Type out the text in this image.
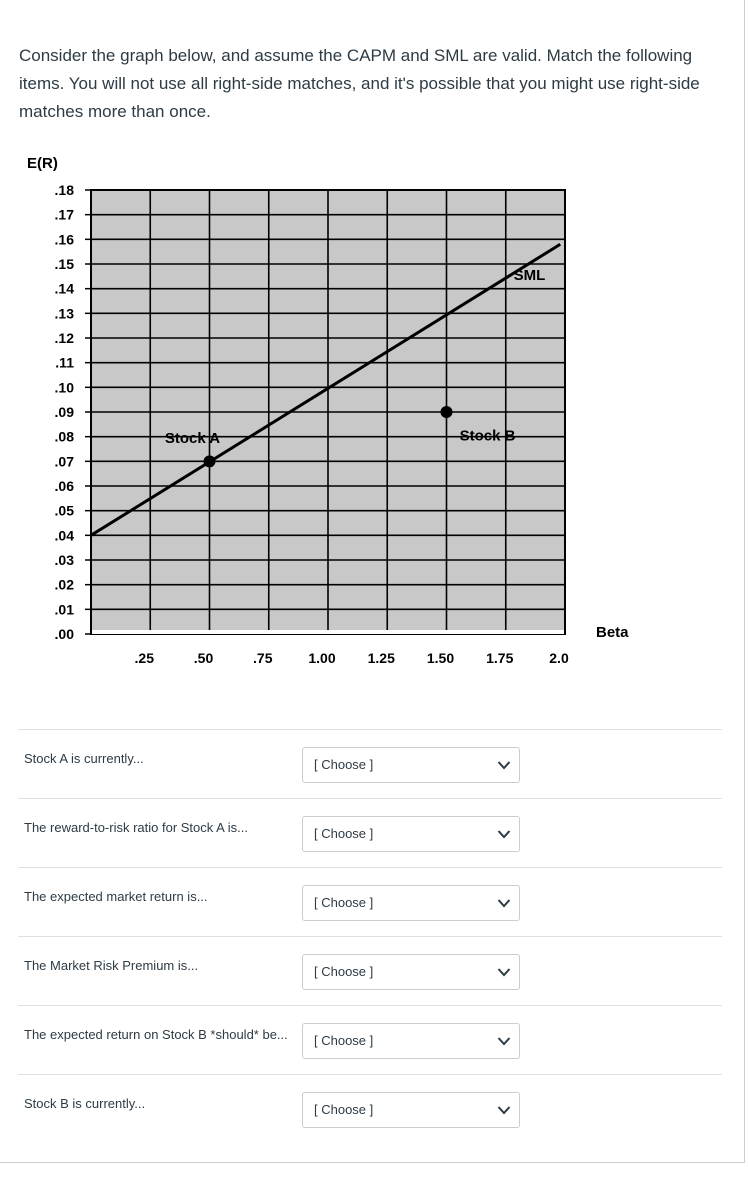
Consider the graph below, and assume the CAPM and SML are valid. Match the following items. You will not use all right-side matches, and it's possible that you might use right-side matches more than once.
.00
.01
.02
.03
.04
.05
.06
.07
.08
.09
.10
.11
.12
.13
.14
.15
.16
.17
.18
.25	.50	.75	1.00 1.25 1.50 1.75	2.0
E(R)
Beta
SML
Stock A	Stock B
Stock A is currently...	[ Choose ]
The reward-to-risk ratio for Stock A is...	[ Choose ]
The expected market return is...	[ Choose ]
The Market Risk Premium is...	[ Choose ]
The expected return on Stock B *should* be...	[ Choose ]
Stock B is currently...	[ Choose ]
